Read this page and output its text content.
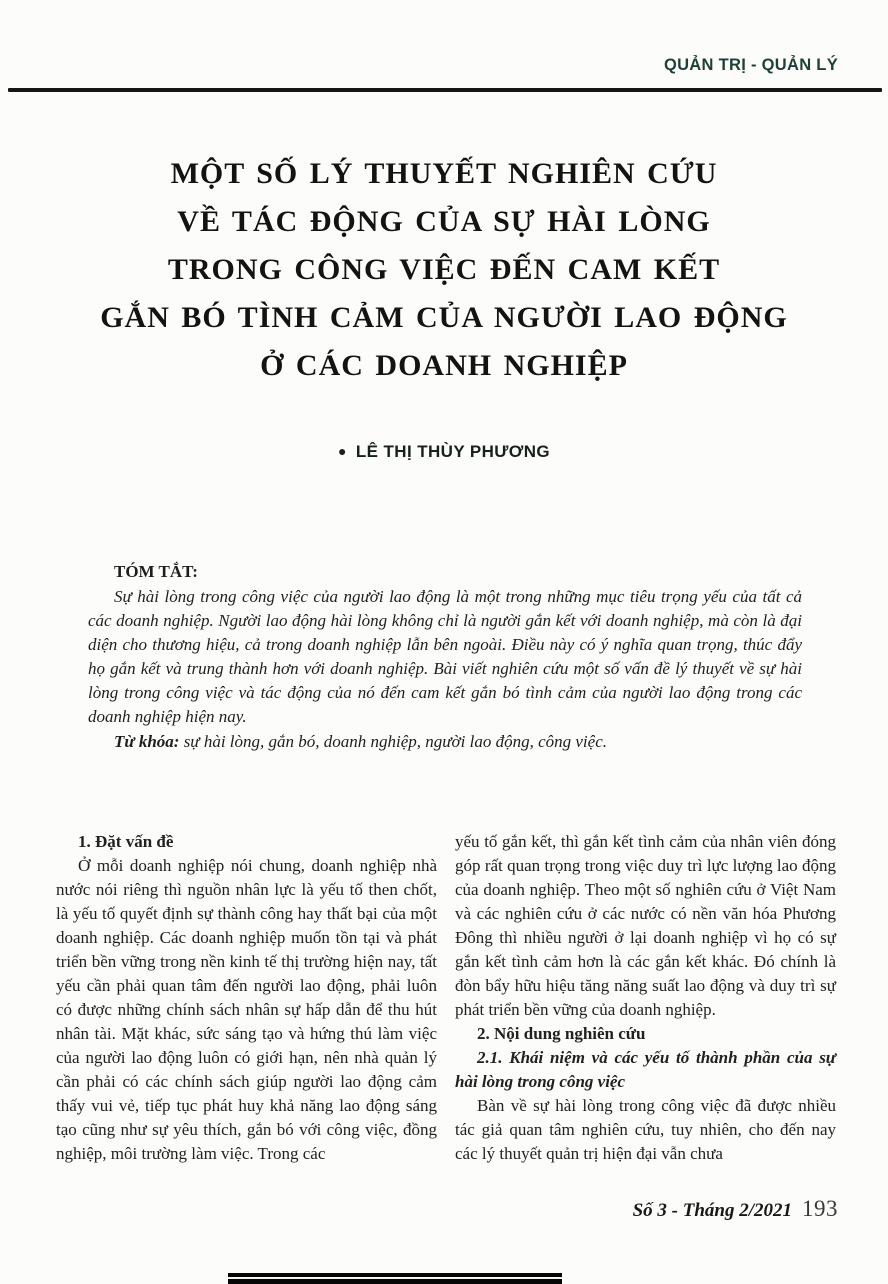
QUẢN TRỊ - QUẢN LÝ
MỘT SỐ LÝ THUYẾT NGHIÊN CỨU
VỀ TÁC ĐỘNG CỦA SỰ HÀI LÒNG
TRONG CÔNG VIỆC ĐẾN CAM KẾT
GẮN BÓ TÌNH CẢM CỦA NGƯỜI LAO ĐỘNG
Ở CÁC DOANH NGHIỆP
● LÊ THỊ THÙY PHƯƠNG

TÓM TẮT:

Sự hài lòng trong công việc của người lao động là một trong những mục tiêu trọng yếu của tất cả các doanh nghiệp. Người lao động hài lòng không chỉ là người gắn kết với doanh nghiệp, mà còn là đại diện cho thương hiệu, cả trong doanh nghiệp lẫn bên ngoài. Điều này có ý nghĩa quan trọng, thúc đẩy họ gắn kết và trung thành hơn với doanh nghiệp. Bài viết nghiên cứu một số vấn đề lý thuyết về sự hài lòng trong công việc và tác động của nó đến cam kết gắn bó tình cảm của người lao động trong các doanh nghiệp hiện nay.

Từ khóa: sự hài lòng, gắn bó, doanh nghiệp, người lao động, công việc.

1. Đặt vấn đề

Ở mỗi doanh nghiệp nói chung, doanh nghiệp nhà nước nói riêng thì nguồn nhân lực là yếu tố then chốt, là yếu tố quyết định sự thành công hay thất bại của một doanh nghiệp. Các doanh nghiệp muốn tồn tại và phát triển bền vững trong nền kinh tế thị trường hiện nay, tất yếu cần phải quan tâm đến người lao động, phải luôn có được những chính sách nhân sự hấp dẫn để thu hút nhân tài. Mặt khác, sức sáng tạo và hứng thú làm việc của người lao động luôn có giới hạn, nên nhà quản lý cần phải có các chính sách giúp người lao động cảm thấy vui vẻ, tiếp tục phát huy khả năng lao động sáng tạo cũng như sự yêu thích, gắn bó với công việc, đồng nghiệp, môi trường làm việc. Trong các

yếu tố gắn kết, thì gắn kết tình cảm của nhân viên đóng góp rất quan trọng trong việc duy trì lực lượng lao động của doanh nghiệp. Theo một số nghiên cứu ở Việt Nam và các nghiên cứu ở các nước có nền văn hóa Phương Đông thì nhiều người ở lại doanh nghiệp vì họ có sự gắn kết tình cảm hơn là các gắn kết khác. Đó chính là đòn bẩy hữu hiệu tăng năng suất lao động và duy trì sự phát triển bền vững của doanh nghiệp.

2. Nội dung nghiên cứu

2.1. Khái niệm và các yếu tố thành phần của sự hài lòng trong công việc

Bàn về sự hài lòng trong công việc đã được nhiều tác giả quan tâm nghiên cứu, tuy nhiên, cho đến nay các lý thuyết quản trị hiện đại vẫn chưa

Số 3 - Tháng 2/2021 193
